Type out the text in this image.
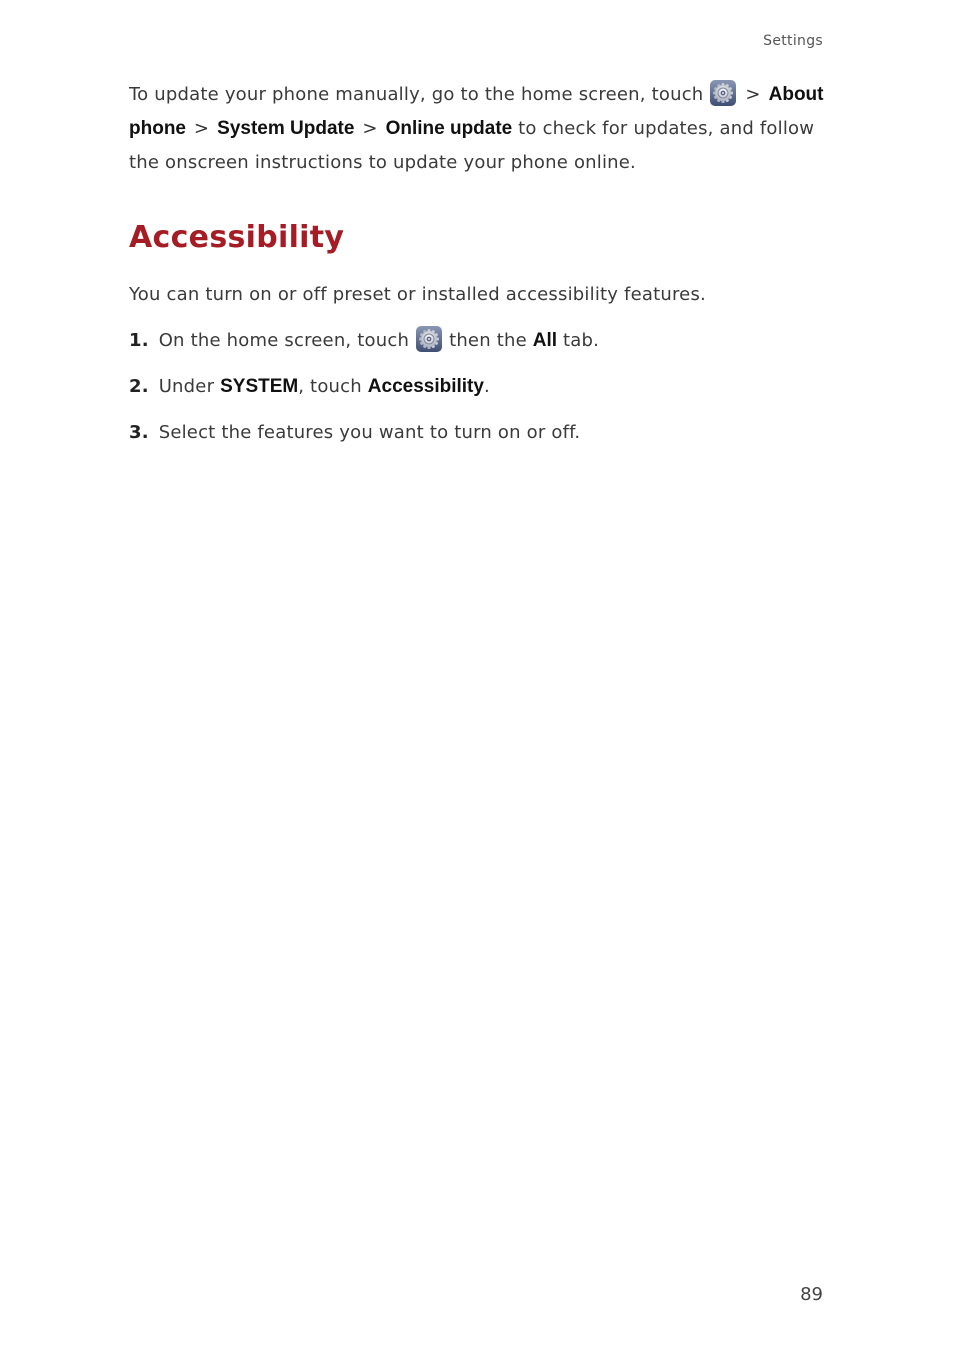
Settings

To update your phone manually, go to the home screen, touch > About phone > System Update > Online update to check for updates, and follow the onscreen instructions to update your phone online.

Accessibility

You can turn on or off preset or installed accessibility features.

1. On the home screen, touch then the All tab.
2. Under SYSTEM, touch Accessibility.
3. Select the features you want to turn on or off.
89
